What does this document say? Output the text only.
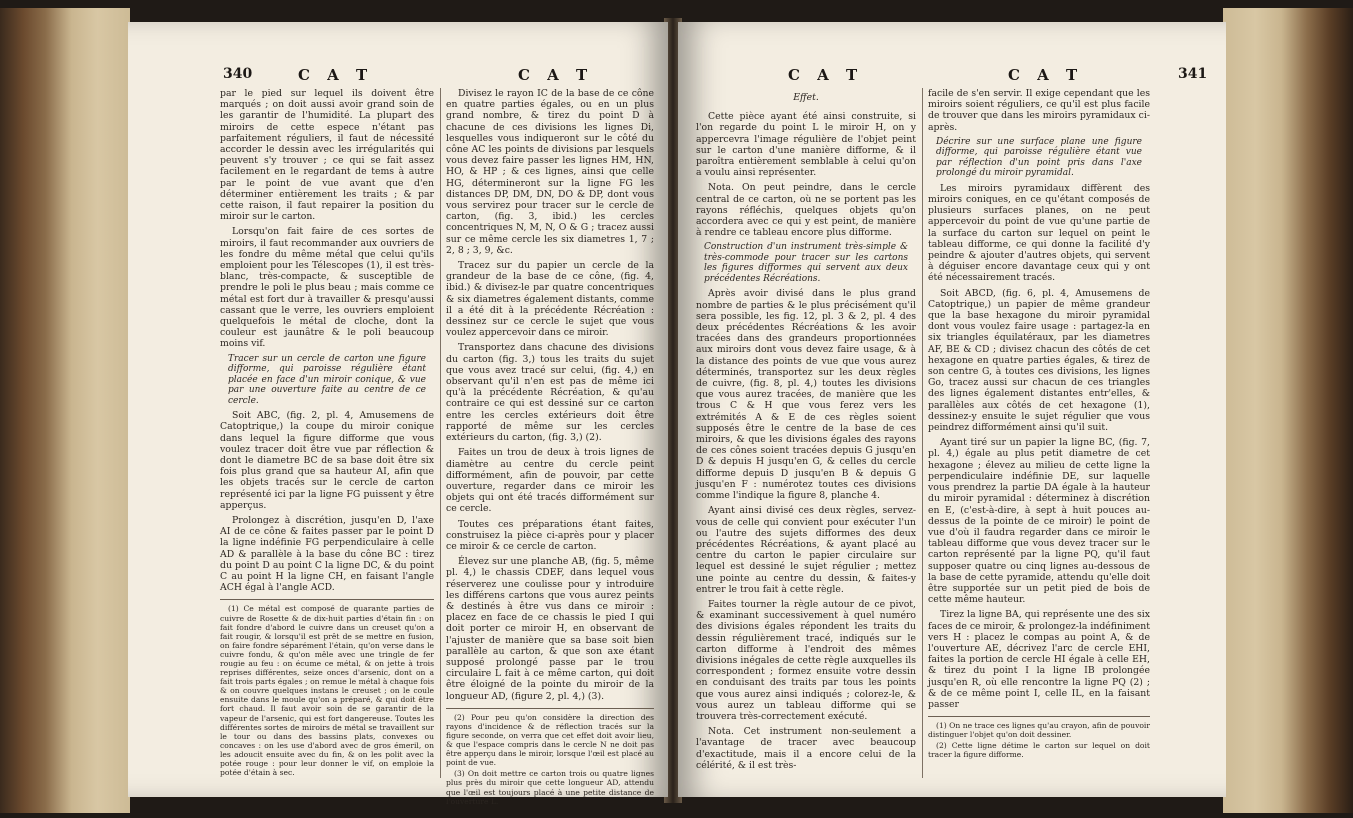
340	C A T	C A T

par le pied sur lequel ils doivent être marqués ; on doit aussi avoir grand soin de les garantir de l'humidité. La plupart des miroirs de cette espece n'étant pas parfaitement réguliers, il faut de nécessité accorder le dessin avec les irrégularités qui peuvent s'y trouver ; ce qui se fait assez facilement en le regardant de tems à autre par le point de vue avant que d'en déterminer entièrement les traits ; & par cette raison, il faut repairer la position du miroir sur le carton.

Lorsqu'on fait faire de ces sortes de miroirs, il faut recommander aux ouvriers de les fondre du même métal que celui qu'ils emploient pour les Télescopes (1), il est très-blanc, très-compacte, & susceptible de prendre le poli le plus beau ; mais comme ce métal est fort dur à travailler & presqu'aussi cassant que le verre, les ouvriers emploient quelquefois le métal de cloche, dont la couleur est jaunâtre & le poli beaucoup moins vif.

Tracer sur un cercle de carton une figure difforme, qui paroisse régulière étant placée en face d'un miroir conique, & vue par une ouverture faite au centre de ce cercle.

Soit ABC, (fig. 2, pl. 4, Amusemens de Catoptrique,) la coupe du miroir conique dans lequel la figure difforme que vous voulez tracer doit être vue par réflection & dont le diametre BC de sa base doit être six fois plus grand que sa hauteur AI, afin que les objets tracés sur le cercle de carton représenté ici par la ligne FG puissent y être apperçus.

Prolongez à discrétion, jusqu'en D, l'axe AI de ce cône & faites passer par le point D la ligne indéfinie FG perpendiculaire à celle AD & parallèle à la base du cône BC : tirez du point D au point C la ligne DC, & du point C au point H la ligne CH, en faisant l'angle ACH égal à l'angle ACD.

(1) Ce métal est composé de quarante parties de cuivre de Rosette & de dix-huit parties d'étain fin : on fait fondre d'abord le cuivre dans un creuset qu'on a fait rougir, & lorsqu'il est prêt de se mettre en fusion, on faire fondre séparément l'étain, qu'on verse dans le cuivre fondu, & qu'on mêle avec une tringle de fer rougie au feu : on écume ce métal, & on jette à trois reprises différentes, seize onces d'arsenic, dont on a fait trois parts égales ; on remue le métal à chaque fois & on couvre quelques instans le creuset ; on le coule ensuite dans le moule qu'on a préparé, & qui doit être fort chaud. Il faut avoir soin de se garantir de la vapeur de l'arsenic, qui est fort dangereuse. Toutes les différentes sortes de miroirs de métal se travaillent sur le tour ou dans des bassins plats, convexes ou concaves : on les use d'abord avec de gros émeril, on les adoucit ensuite avec du fin, & on les polit avec la potée rouge : pour leur donner le vif, on emploie la potée d'étain à sec.

Divisez le rayon IC de la base de ce cône en quatre parties égales, ou en un plus grand nombre, & tirez du point D à chacune de ces divisions les lignes Di, lesquelles vous indiqueront sur le côté du cône AC les points de divisions par lesquels vous devez faire passer les lignes HM, HN, HO, & HP ; & ces lignes, ainsi que celle HG, détermineront sur la ligne FG les distances DP, DM, DN, DO & DP, dont vous vous servirez pour tracer sur le cercle de carton, (fig. 3, ibid.) les cercles concentriques N, M, N, O & G ; tracez aussi sur ce même cercle les six diametres 1, 7 ; 2, 8 ; 3, 9, &c.

Tracez sur du papier un cercle de la grandeur de la base de ce cône, (fig. 4, ibid.) & divisez-le par quatre concentriques & six diametres également distants, comme il a été dit à la précédente Récréation : dessinez sur ce cercle le sujet que vous voulez appercevoir dans ce miroir.

Transportez dans chacune des divisions du carton (fig. 3,) tous les traits du sujet que vous avez tracé sur celui, (fig. 4,) en observant qu'il n'en est pas de même ici qu'à la précédente Récréation, & qu'au contraire ce qui est dessiné sur ce carton entre les cercles extérieurs doit être rapporté de même sur les cercles extérieurs du carton, (fig. 3,) (2).

Faites un trou de deux à trois lignes de diamètre au centre du cercle peint difformément, afin de pouvoir, par cette ouverture, regarder dans ce miroir les objets qui ont été tracés difformément sur ce cercle.

Toutes ces préparations étant faites, construisez la pièce ci-après pour y placer ce miroir & ce cercle de carton.

Élevez sur une planche AB, (fig. 5, même pl. 4,) le chassis CDEF, dans lequel vous réserverez une coulisse pour y introduire les différens cartons que vous aurez peints & destinés à être vus dans ce miroir : placez en face de ce chassis le pied I qui doit porter ce miroir H, en observant de l'ajuster de manière que sa base soit bien parallèle au carton, & que son axe étant supposé prolongé passe par le trou circulaire L fait à ce même carton, qui doit être éloigné de la pointe du miroir de la longueur AD, (figure 2, pl. 4,) (3).

(2) Pour peu qu'on considère la direction des rayons d'incidence & de réflection tracés sur la figure seconde, on verra que cet effet doit avoir lieu, & que l'espace compris dans le cercle N ne doit pas être apperçu dans le miroir, lorsque l'œil est placé au point de vue.

(3) On doit mettre ce carton trois ou quatre lignes plus près du miroir que cette longueur AD, attendu que l'œil est toujours placé à une petite distance de l'ouverture L.

C A T	C A T	341

Effet.

Cette pièce ayant été ainsi construite, si l'on regarde du point L le miroir H, on y appercevra l'image régulière de l'objet peint sur le carton d'une manière difforme, & il paroîtra entièrement semblable à celui qu'on a voulu ainsi représenter.

Nota. On peut peindre, dans le cercle central de ce carton, où ne se portent pas les rayons réfléchis, quelques objets qu'on accordera avec ce qui y est peint, de manière à rendre ce tableau encore plus difforme.

Construction d'un instrument très-simple & très-commode pour tracer sur les cartons les figures difformes qui servent aux deux précédentes Récréations.

Après avoir divisé dans le plus grand nombre de parties & le plus précisément qu'il sera possible, les fig. 12, pl. 3 & 2, pl. 4 des deux précédentes Récréations & les avoir tracées dans des grandeurs proportionnées aux miroirs dont vous devez faire usage, & à la distance des points de vue que vous aurez déterminés, transportez sur les deux règles de cuivre, (fig. 8, pl. 4,) toutes les divisions que vous aurez tracées, de manière que les trous C & H que vous ferez vers les extrémités A & E de ces règles soient supposés être le centre de la base de ces miroirs, & que les divisions égales des rayons de ces cônes soient tracées depuis G jusqu'en D & depuis H jusqu'en G, & celles du cercle difforme depuis D jusqu'en B & depuis G jusqu'en F : numérotez toutes ces divisions comme l'indique la figure 8, planche 4.

Ayant ainsi divisé ces deux règles, servez-vous de celle qui convient pour exécuter l'un ou l'autre des sujets difformes des deux précédentes Récréations, & ayant placé au centre du carton le papier circulaire sur lequel est dessiné le sujet régulier ; mettez une pointe au centre du dessin, & faites-y entrer le trou fait à cette règle.

Faites tourner la règle autour de ce pivot, & examinant successivement à quel numéro des divisions égales répondent les traits du dessin régulièrement tracé, indiqués sur le carton difforme à l'endroit des mêmes divisions inégales de cette règle auxquelles ils correspondent ; formez ensuite votre dessin en conduisant des traits par tous les points que vous aurez ainsi indiqués ; colorez-le, & vous aurez un tableau difforme qui se trouvera très-correctement exécuté.

Nota. Cet instrument non-seulement a l'avantage de tracer avec beaucoup d'exactitude, mais il a encore celui de la célérité, & il est très-

facile de s'en servir. Il exige cependant que les miroirs soient réguliers, ce qu'il est plus facile de trouver que dans les miroirs pyramidaux ci-après.

Décrire sur une surface plane une figure difforme, qui paroisse régulière étant vue par réflection d'un point pris dans l'axe prolongé du miroir pyramidal.

Les miroirs pyramidaux diffèrent des miroirs coniques, en ce qu'étant composés de plusieurs surfaces planes, on ne peut appercevoir du point de vue qu'une partie de la surface du carton sur lequel on peint le tableau difforme, ce qui donne la facilité d'y peindre & ajouter d'autres objets, qui servent à déguiser encore davantage ceux qui y ont été nécessairement tracés.

Soit ABCD, (fig. 6, pl. 4, Amusemens de Catoptrique,) un papier de même grandeur que la base hexagone du miroir pyramidal dont vous voulez faire usage : partagez-la en six triangles équilatéraux, par les diametres AF, BE & CD ; divisez chacun des côtés de cet hexagone en quatre parties égales, & tirez de son centre G, à toutes ces divisions, les lignes Go, tracez aussi sur chacun de ces triangles des lignes également distantes entr'elles, & parallèles aux côtés de cet hexagone (1), dessinez-y ensuite le sujet régulier que vous peindrez difformément ainsi qu'il suit.

Ayant tiré sur un papier la ligne BC, (fig. 7, pl. 4,) égale au plus petit diametre de cet hexagone ; élevez au milieu de cette ligne la perpendiculaire indéfinie DE, sur laquelle vous prendrez la partie DA égale à la hauteur du miroir pyramidal : déterminez à discrétion en E, (c'est-à-dire, à sept à huit pouces au-dessus de la pointe de ce miroir) le point de vue d'où il faudra regarder dans ce miroir le tableau difforme que vous devez tracer sur le carton représenté par la ligne PQ, qu'il faut supposer quatre ou cinq lignes au-dessous de la base de cette pyramide, attendu qu'elle doit être supportée sur un petit pied de bois de cette même hauteur.

Tirez la ligne BA, qui représente une des six faces de ce miroir, & prolongez-la indéfiniment vers H : placez le compas au point A, & de l'ouverture AE, décrivez l'arc de cercle EHI, faites la portion de cercle HI égale à celle EH, & tirez du point I la ligne IB prolongée jusqu'en R, où elle rencontre la ligne PQ (2) ; & de ce même point I, celle IL, en la faisant passer

(1) On ne trace ces lignes qu'au crayon, afin de pouvoir distinguer l'objet qu'on doit dessiner.

(2) Cette ligne détime le carton sur lequel on doit tracer la figure difforme.
